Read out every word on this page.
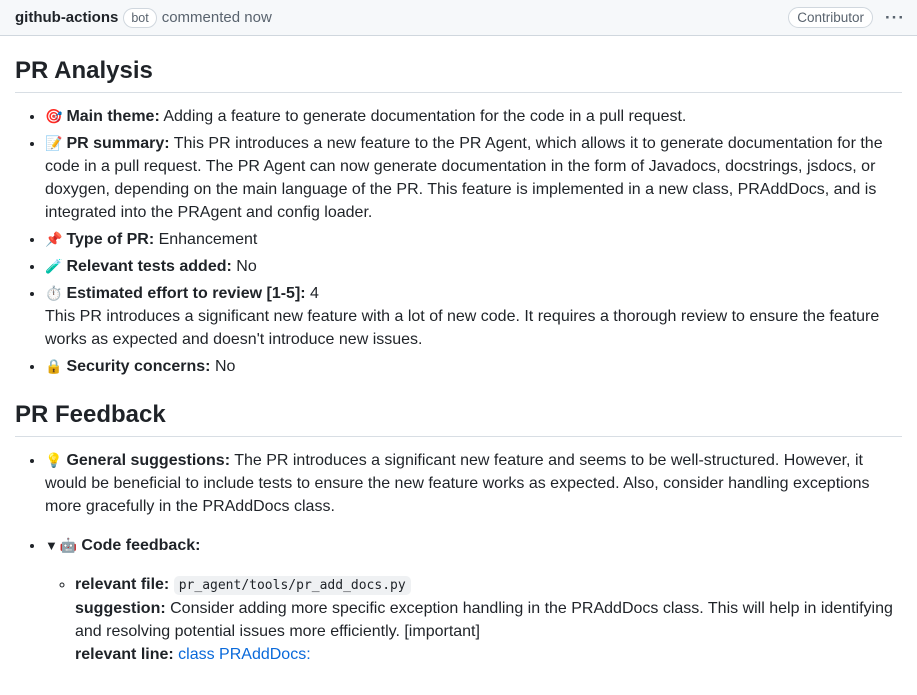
github-actions	bot commented now	Contributor	···
PR Analysis
• 🎯 Main theme: Adding a feature to generate documentation for the code in a pull request.
• 📝 PR summary: This PR introduces a new feature to the PR Agent, which allows it to generate documentation for the code in a pull request. The PR Agent can now generate documentation in the form of Javadocs, docstrings, jsdocs, or doxygen, depending on the main language of the PR. This feature is implemented in a new class, PRAddDocs, and is integrated into the PRAgent and config loader.
• 📌 Type of PR: Enhancement
• 🧪 Relevant tests added: No
• ⏱️ Estimated effort to review [1-5]: 4
This PR introduces a significant new feature with a lot of new code. It requires a thorough review to ensure the feature works as expected and doesn't introduce new issues.
• 🔒 Security concerns: No
PR Feedback
• 💡 General suggestions: The PR introduces a significant new feature and seems to be well-structured. However, it would be beneficial to include tests to ensure the new feature works as expected. Also, consider handling exceptions more gracefully in the PRAddDocs class.
• ▼ 🤖 Code feedback:
◦ relevant file: pr_agent/tools/pr_add_docs.py
suggestion: Consider adding more specific exception handling in the PRAddDocs class. This will help in identifying and resolving potential issues more efficiently. [important]
relevant line: class PRAddDocs:
